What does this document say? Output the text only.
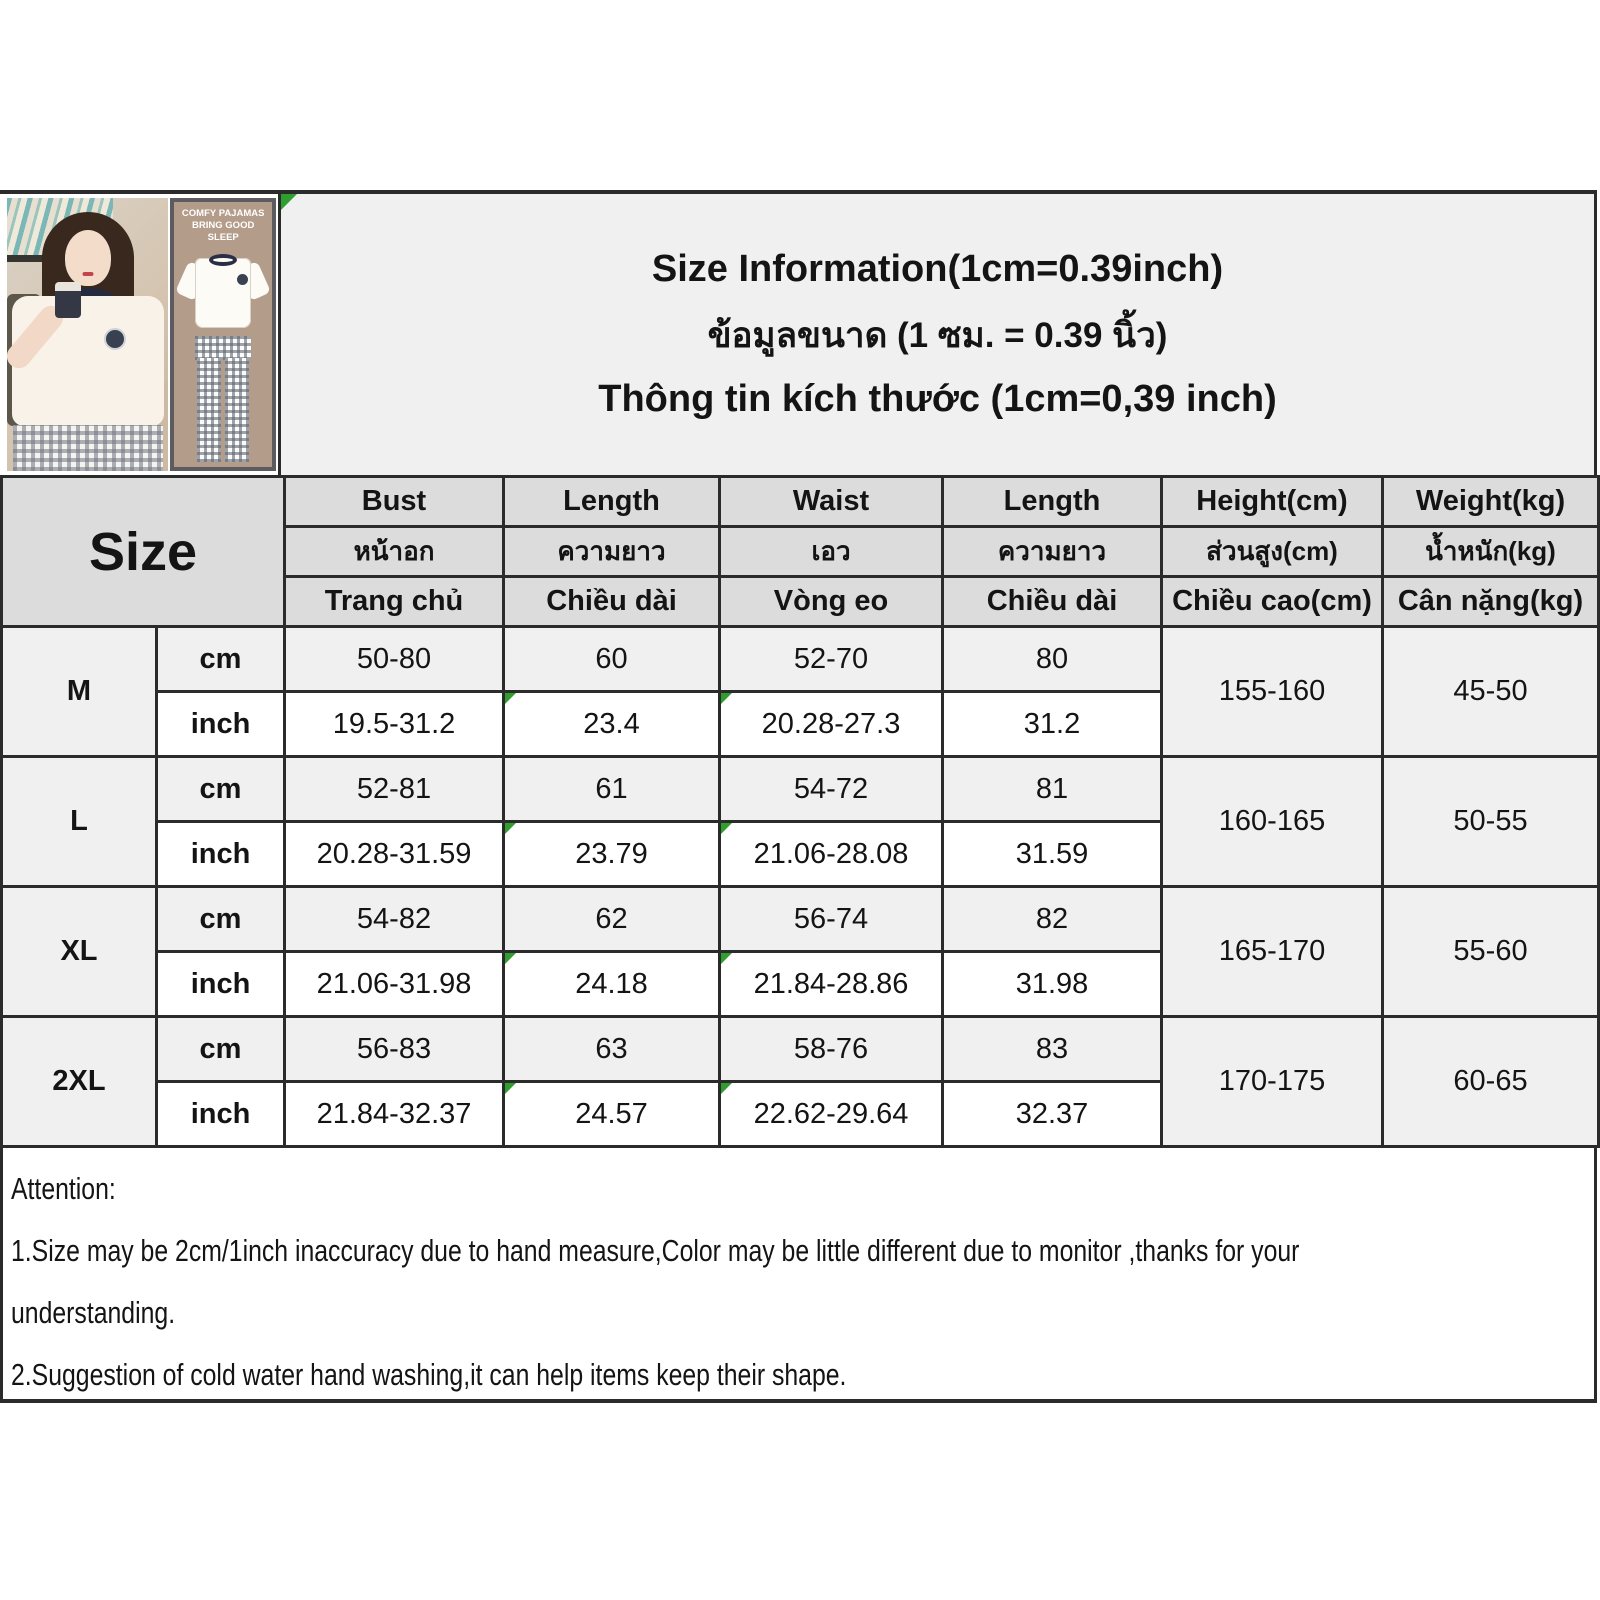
COMFY PAJAMAS BRING GOOD SLEEP
Size Information(1cm=0.39inch)
ข้อมูลขนาด (1 ซม. = 0.39 นิ้ว)
Thông tin kích thước (1cm=0,39 inch)
Size		Bust	Length	Waist	Length	Height(cm)	Weight(kg)
		หน้าอก	ความยาว	เอว	ความยาว	ส่วนสูง(cm)	น้ำหนัก(kg)
		Trang chủ	Chiều dài	Vòng eo	Chiều dài	Chiều cao(cm)	Cân nặng(kg)
M	cm	50-80	60	52-70	80	155-160	45-50
	inch	19.5-31.2	23.4	20.28-27.3	31.2		
L	cm	52-81	61	54-72	81	160-165	50-55
	inch	20.28-31.59	23.79	21.06-28.08	31.59		
XL	cm	54-82	62	56-74	82	165-170	55-60
	inch	21.06-31.98	24.18	21.84-28.86	31.98		
2XL	cm	56-83	63	58-76	83	170-175	60-65
	inch	21.84-32.37	24.57	22.62-29.64	32.37		
Attention:
1.Size may be 2cm/1inch inaccuracy due to hand measure,Color may be little different due to monitor ,thanks for your
understanding.
2.Suggestion of cold water hand washing,it can help items keep their shape.
